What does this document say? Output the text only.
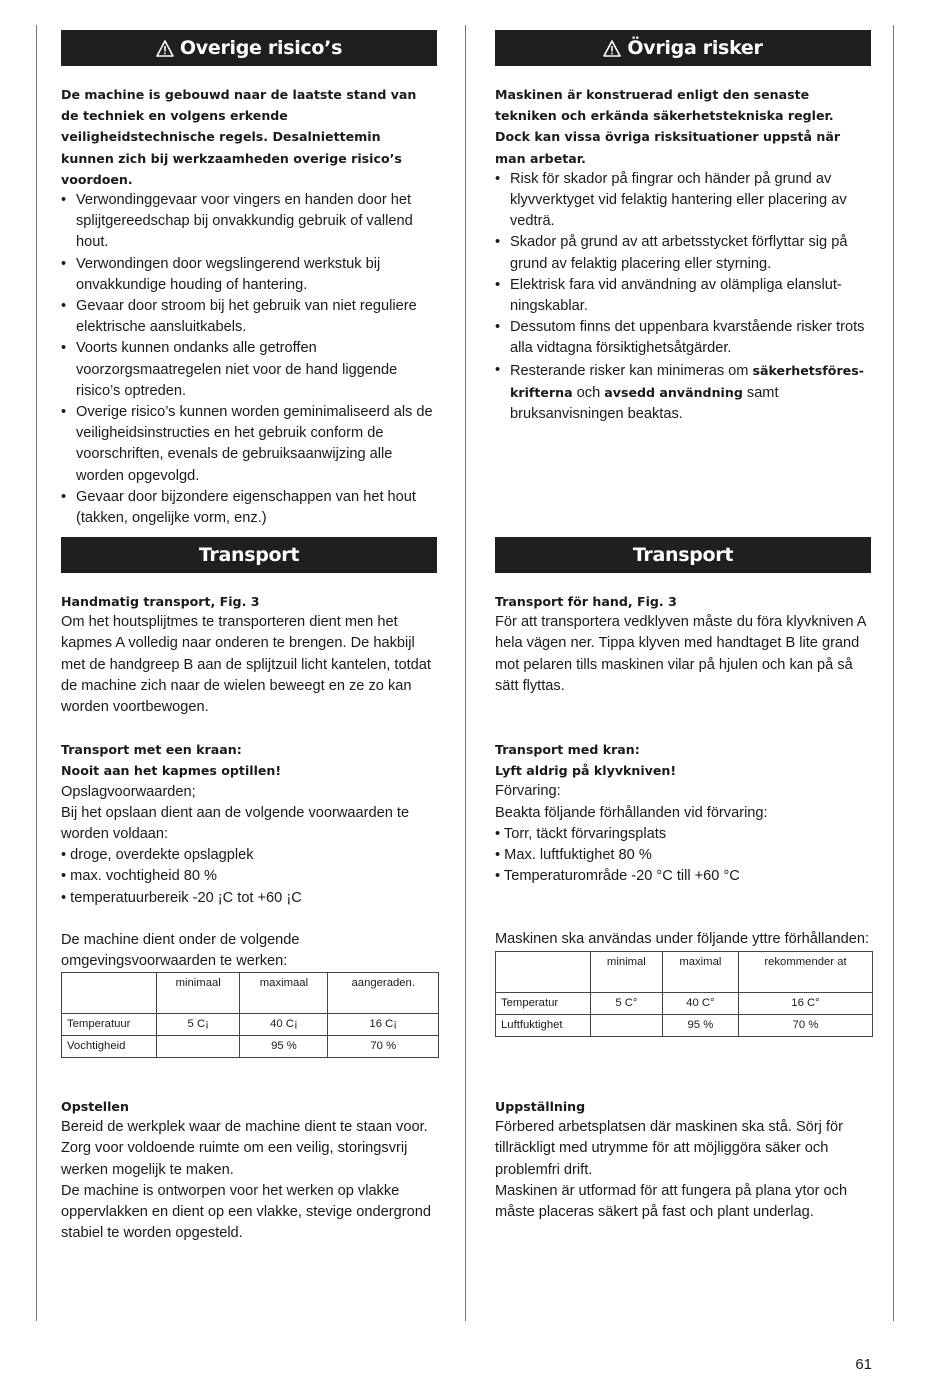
Overige risico’s

De machine is gebouwd naar de laatste stand van de techniek en volgens erkende veiligheidstechnische regels. Desalniettemin kunnen zich bij werkzaamheden overige risico’s voordoen.

• Verwondinggevaar voor vingers en handen door het splijtgereedschap bij onvakkundig gebruik of vallend hout.
• Verwondingen door wegslingerend werkstuk bij onvakkundige houding of hantering.
• Gevaar door stroom bij het gebruik van niet reguliere elektrische aansluitkabels.
• Voorts kunnen ondanks alle getroffen voorzorgsmaatregelen niet voor de hand liggende risico’s optreden.
• Overige risico’s kunnen worden geminimaliseerd als de veiligheidsinstructies en het gebruik conform de voorschriften, evenals de gebruiksaanwijzing alle worden opgevolgd.
• Gevaar door bijzondere eigenschappen van het hout (takken, ongelijke vorm, enz.)
Transport

Handmatig transport, Fig. 3

Om het houtsplijtmes te transporteren dient men het kapmes A volledig naar onderen te brengen. De hakbijl met de handgreep B aan de splijtzuil licht kantelen, totdat de machine zich naar de wielen beweegt en ze zo kan worden voortbewogen.

Transport met een kraan:

Nooit aan het kapmes optillen!

Opslagvoorwaarden;

Bij het opslaan dient aan de volgende voorwaarden te worden voldaan:

• droge, overdekte opslagplek
• max. vochtigheid 80 %
• temperatuurbereik -20 ¡C tot +60 ¡C

De machine dient onder de volgende omgevingsvoorwaarden te werken:

	minimaal	maximaal	aangeraden.
Temperatuur	5 C¡	40 C¡	16 C¡
Vochtigheid		95 %	70 %

Opstellen

Bereid de werkplek waar de machine dient te staan voor. Zorg voor voldoende ruimte om een veilig, storingsvrij werken mogelijk te maken.

De machine is ontworpen voor het werken op vlakke oppervlakken en dient op een vlakke, stevige ondergrond stabiel te worden opgesteld.

Övriga risker

Maskinen är konstruerad enligt den senaste tekniken och erkända säkerhetstekniska regler. Dock kan vissa övriga risksituationer uppstå när man arbetar.

• Risk för skador på fingrar och händer på grund av klyvverktyget vid felaktig hantering eller placering av vedträ.
• Skador på grund av att arbetsstycket förflyttar sig på grund av felaktig placering eller styrning.
• Elektrisk fara vid användning av olämpliga elanslutningskablar.
• Dessutom finns det uppenbara kvarstående risker trots alla vidtagna försiktighetsåtgärder.
• Resterande risker kan minimeras om säkerhetsföreskrifterna och avsedd användning samt bruksanvisningen beaktas.
Transport

Transport för hand, Fig. 3

För att transportera vedklyven måste du föra klyvkniven A hela vägen ner. Tippa klyven med handtaget B lite grand mot pelaren tills maskinen vilar på hjulen och kan på så sätt flyttas.

Transport med kran:

Lyft aldrig på klyvkniven!

Förvaring:

Beakta följande förhållanden vid förvaring:

• Torr, täckt förvaringsplats
• Max. luftfuktighet 80 %
• Temperaturområde -20 °C till +60 °C

Maskinen ska användas under följande yttre förhållanden:

	minimal	maximal	rekommender at
Temperatur	5 C°	40 C°	16 C°
Luftfuktighet		95 %	70 %

Uppställning

Förbered arbetsplatsen där maskinen ska stå. Sörj för tillräckligt med utrymme för att möjliggöra säker och problemfri drift.

Maskinen är utformad för att fungera på plana ytor och måste placeras säkert på fast och plant underlag.

61
